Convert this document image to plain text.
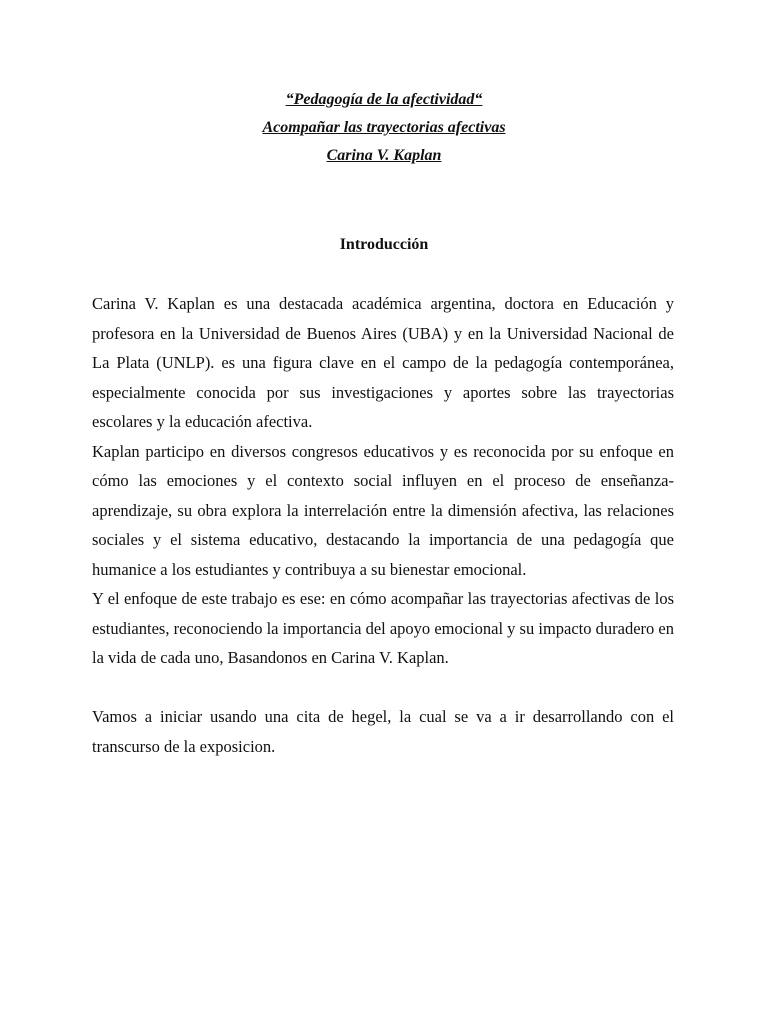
“Pedagogía de la afectividad“
Acompañar las trayectorias afectivas
Carina V. Kaplan
Introducción

Carina V. Kaplan es una destacada académica argentina, doctora en Educación y profesora en la Universidad de Buenos Aires (UBA) y en la Universidad Nacional de La Plata (UNLP). es una figura clave en el campo de la pedagogía contemporánea, especialmente conocida por sus investigaciones y aportes sobre las trayectorias escolares y la educación afectiva.

Kaplan participo en diversos congresos educativos y es reconocida por su enfoque en cómo las emociones y el contexto social influyen en el proceso de enseñanza-aprendizaje, su obra explora la interrelación entre la dimensión afectiva, las relaciones sociales y el sistema educativo, destacando la importancia de una pedagogía que humanice a los estudiantes y contribuya a su bienestar emocional.

Y el enfoque de este trabajo es ese: en cómo acompañar las trayectorias afectivas de los estudiantes, reconociendo la importancia del apoyo emocional y su impacto duradero en la vida de cada uno, Basandonos en Carina V. Kaplan.

Vamos a iniciar usando una cita de hegel, la cual se va a ir desarrollando con el transcurso de la exposicion.
